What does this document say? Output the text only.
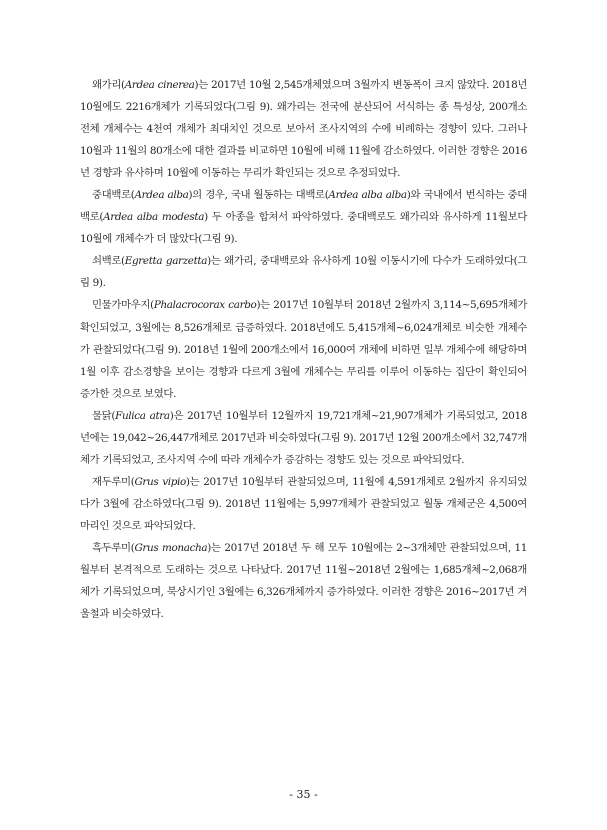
왜가리(Ardea cinerea)는 2017년 10월 2,545개체였으며 3월까지 변동폭이 크지 않았다. 2018년 10월에도 2216개체가 기록되었다(그림 9). 왜가리는 전국에 분산되어 서식하는 종 특성상, 200개소 전체 개체수는 4천여 개체가 최대치인 것으로 보아서 조사지역의 수에 비례하는 경향이 있다. 그러나 10월과 11월의 80개소에 대한 결과를 비교하면 10월에 비해 11월에 감소하였다. 이러한 경향은 2016년 경향과 유사하며 10월에 이동하는 무리가 확인되는 것으로 추정되었다.

중대백로(Ardea alba)의 경우, 국내 월동하는 대백로(Ardea alba alba)와 국내에서 번식하는 중대백로(Ardea alba modesta) 두 아종을 합쳐서 파악하였다. 중대백로도 왜가리와 유사하게 11월보다 10월에 개체수가 더 많았다(그림 9).

쇠백로(Egretta garzetta)는 왜가리, 중대백로와 유사하게 10월 이동시기에 다수가 도래하였다(그림 9).

민물가마우지(Phalacrocorax carbo)는 2017년 10월부터 2018년 2월까지 3,114~5,695개체가 확인되었고, 3월에는 8,526개체로 급증하였다. 2018년에도 5,415개체~6,024개체로 비슷한 개체수가 관찰되었다(그림 9). 2018년 1월에 200개소에서 16,000여 개체에 비하면 일부 개체수에 해당하며 1월 이후 감소경향을 보이는 경향과 다르게 3월에 개체수는 무리를 이루어 이동하는 집단이 확인되어 증가한 것으로 보였다.

물닭(Fulica atra)은 2017년 10월부터 12월까지 19,721개체~21,907개체가 기록되었고, 2018년에는 19,042~26,447개체로 2017년과 비슷하였다(그림 9). 2017년 12월 200개소에서 32,747개체가 기록되었고, 조사지역 수에 따라 개체수가 증감하는 경향도 있는 것으로 파악되었다.

재두루미(Grus vipio)는 2017년 10월부터 관찰되었으며, 11월에 4,591개체로 2월까지 유지되었다가 3월에 감소하였다(그림 9). 2018년 11월에는 5,997개체가 관찰되었고 월동 개체군은 4,500여 마리인 것으로 파악되었다.

흑두루미(Grus monacha)는 2017년 2018년 두 해 모두 10월에는 2~3개체만 관찰되었으며, 11월부터 본격적으로 도래하는 것으로 나타났다. 2017년 11월~2018년 2월에는 1,685개체~2,068개체가 기록되었으며, 북상시기인 3월에는 6,326개체까지 증가하였다. 이러한 경향은 2016~2017년 겨울철과 비슷하였다.

- 35 -
